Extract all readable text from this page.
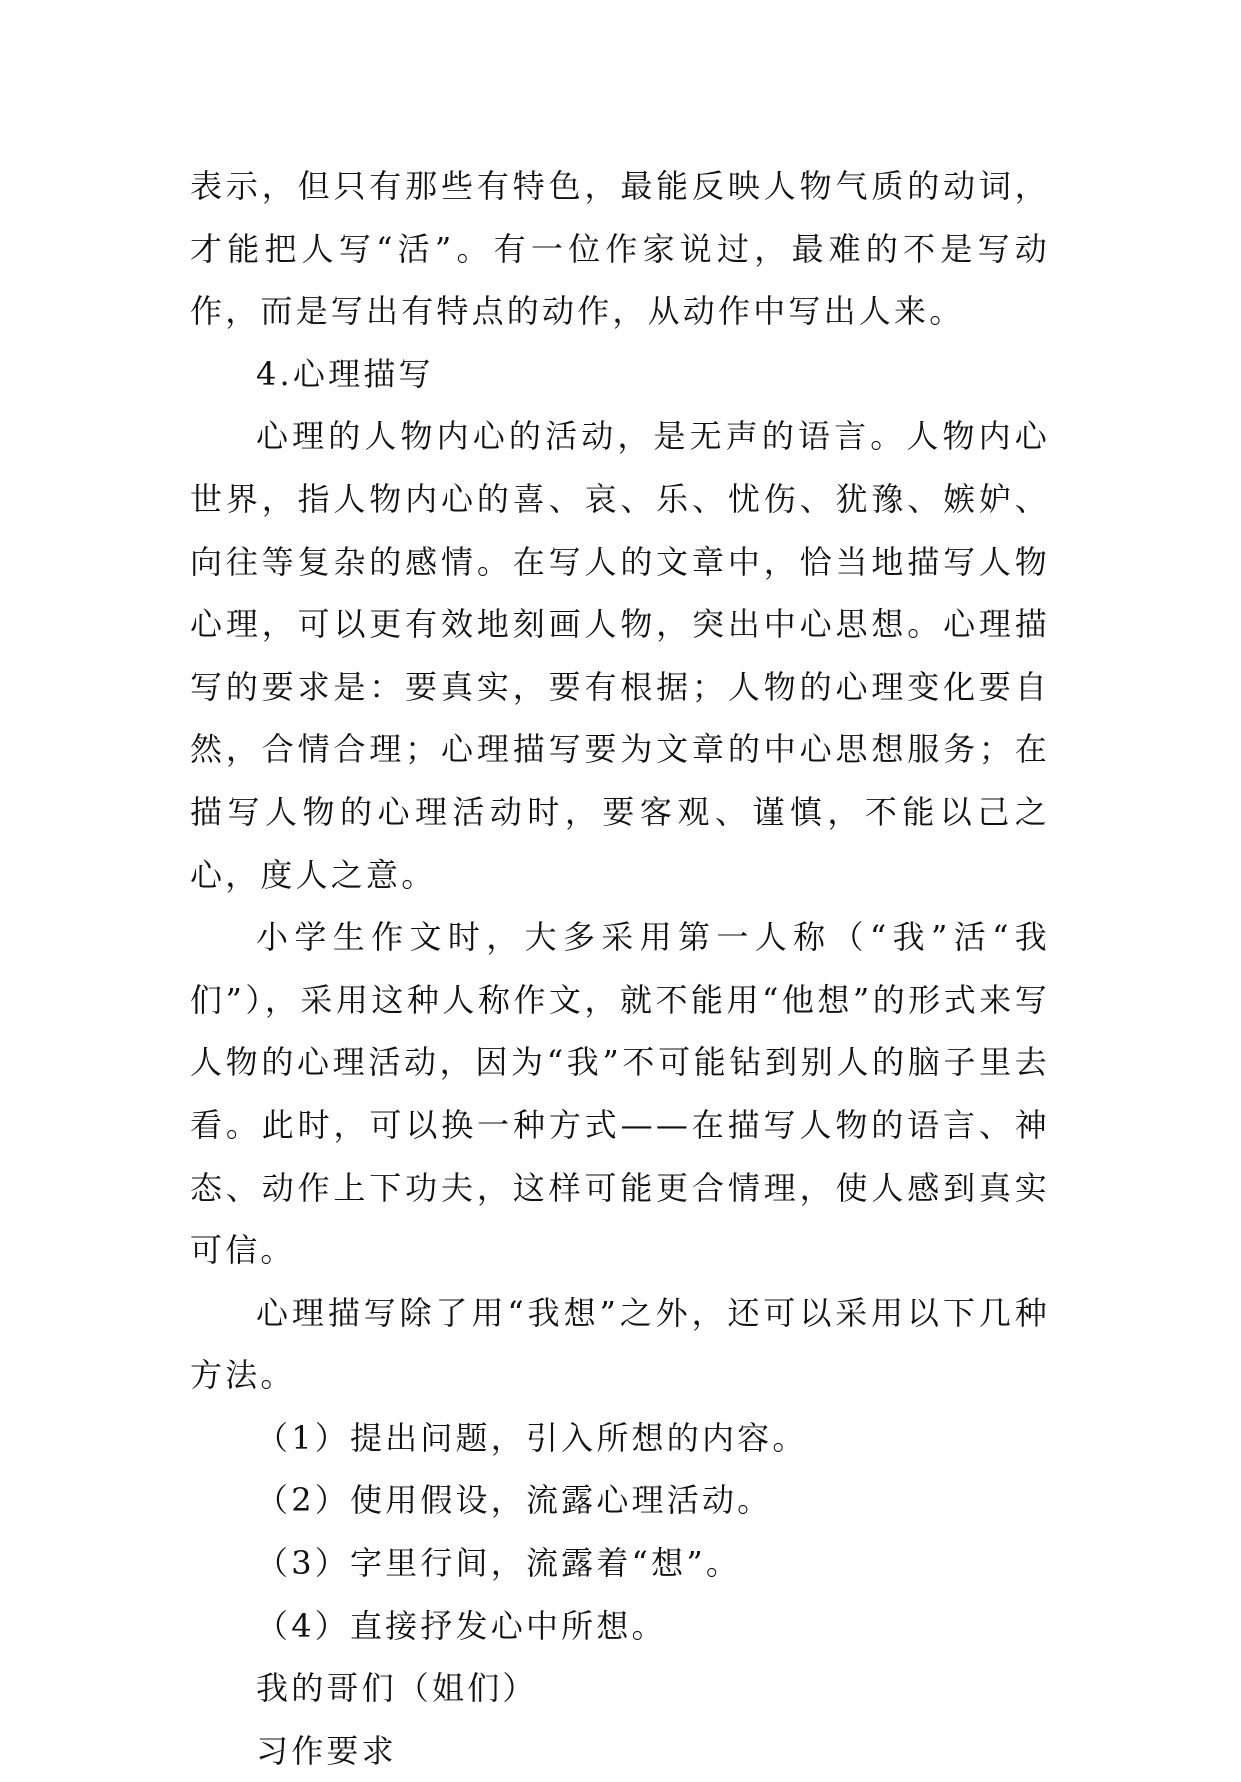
表示，但只有那些有特色，最能反映人物气质的动词，才能把人写“活”。有一位作家说过，最难的不是写动作，而是写出有特点的动作，从动作中写出人来。

4.心理描写

心理的人物内心的活动，是无声的语言。人物内心世界，指人物内心的喜、哀、乐、忧伤、犹豫、嫉妒、向往等复杂的感情。在写人的文章中，恰当地描写人物心理，可以更有效地刻画人物，突出中心思想。心理描写的要求是：要真实，要有根据；人物的心理变化要自然，合情合理；心理描写要为文章的中心思想服务；在描写人物的心理活动时，要客观、谨慎，不能以己之心，度人之意。

小学生作文时，大多采用第一人称（“我”活“我们”），采用这种人称作文，就不能用“他想”的形式来写人物的心理活动，因为“我”不可能钻到别人的脑子里去看。此时，可以换一种方式——在描写人物的语言、神态、动作上下功夫，这样可能更合情理，使人感到真实可信。

心理描写除了用“我想”之外，还可以采用以下几种方法。

（1）提出问题，引入所想的内容。

（2）使用假设，流露心理活动。

（3）字里行间，流露着“想”。

（4）直接抒发心中所想。

我的哥们（姐们）

习作要求
